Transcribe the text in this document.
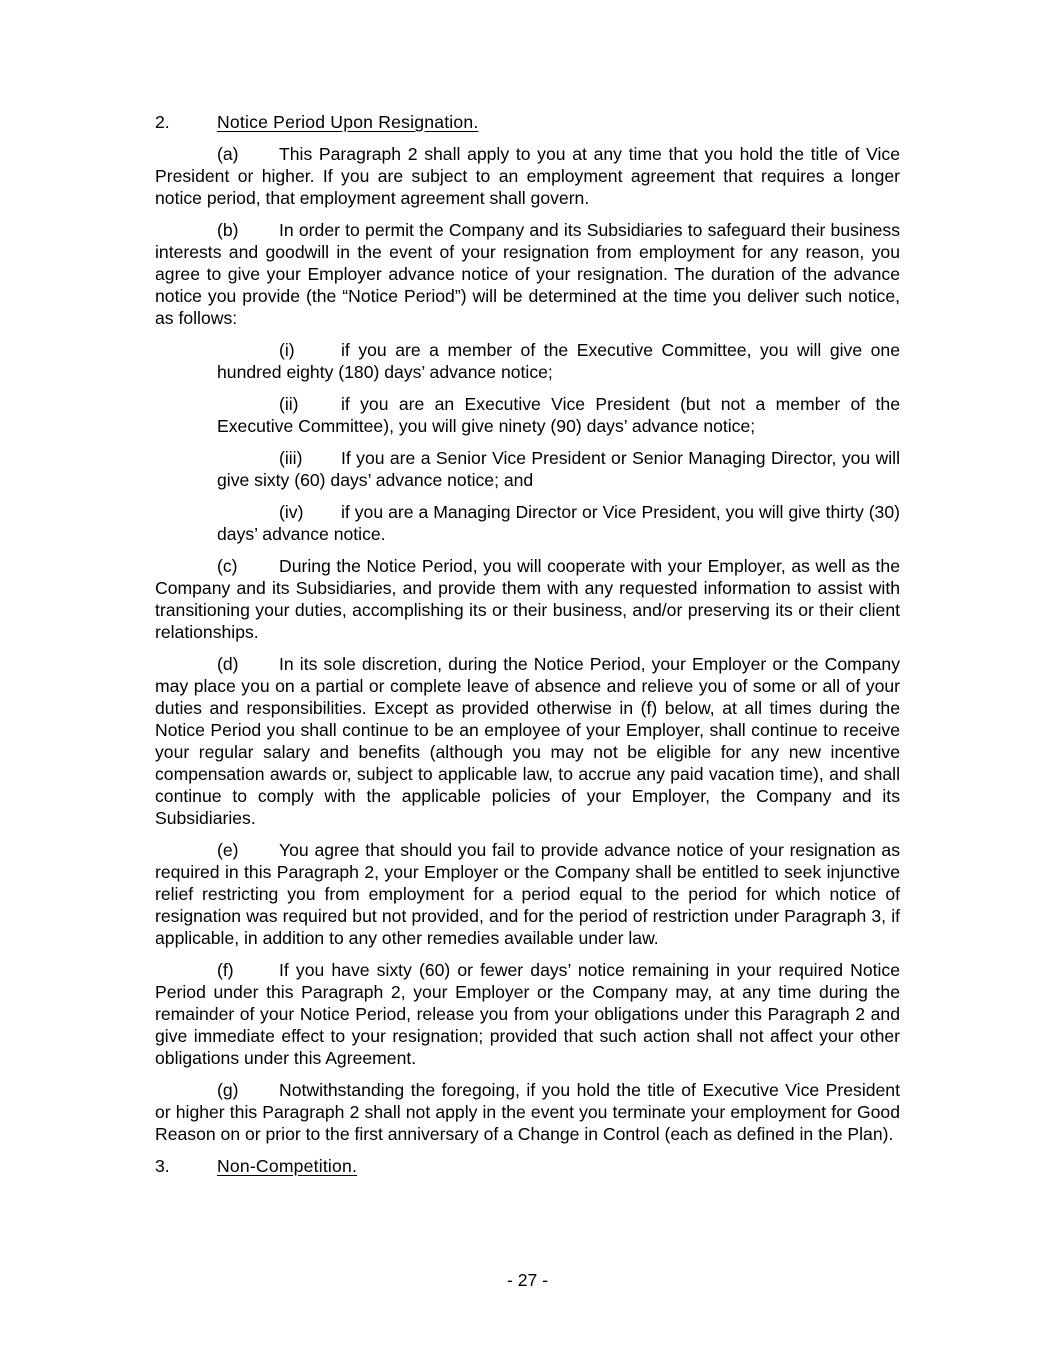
2.	Notice Period Upon Resignation.

(a) This Paragraph 2 shall apply to you at any time that you hold the title of Vice President or higher. If you are subject to an employment agreement that requires a longer notice period, that employment agreement shall govern.

(b) In order to permit the Company and its Subsidiaries to safeguard their business interests and goodwill in the event of your resignation from employment for any reason, you agree to give your Employer advance notice of your resignation. The duration of the advance notice you provide (the “Notice Period”) will be determined at the time you deliver such notice, as follows:

(i)	if you are a member of the Executive Committee, you will give one hundred eighty (180) days’ advance notice;

(ii) if you are an Executive Vice President (but not a member of the Executive Committee), you will give ninety (90) days’ advance notice;

(iii) If you are a Senior Vice President or Senior Managing Director, you will give sixty (60) days’ advance notice; and

(iv) if you are a Managing Director or Vice President, you will give thirty (30) days’ advance notice.

(c) During the Notice Period, you will cooperate with your Employer, as well as the Company and its Subsidiaries, and provide them with any requested information to assist with transitioning your duties, accomplishing its or their business, and/or preserving its or their client relationships.

(d) In its sole discretion, during the Notice Period, your Employer or the Company may place you on a partial or complete leave of absence and relieve you of some or all of your duties and responsibilities. Except as provided otherwise in (f) below, at all times during the Notice Period you shall continue to be an employee of your Employer, shall continue to receive your regular salary and benefits (although you may not be eligible for any new incentive compensation awards or, subject to applicable law, to accrue any paid vacation time), and shall continue to comply with the applicable policies of your Employer, the Company and its Subsidiaries.

(e) You agree that should you fail to provide advance notice of your resignation as required in this Paragraph 2, your Employer or the Company shall be entitled to seek injunctive relief restricting you from employment for a period equal to the period for which notice of resignation was required but not provided, and for the period of restriction under Paragraph 3, if applicable, in addition to any other remedies available under law.

(f)	If you have sixty (60) or fewer days’ notice remaining in your required Notice Period under this Paragraph 2, your Employer or the Company may, at any time during the remainder of your Notice Period, release you from your obligations under this Paragraph 2 and give immediate effect to your resignation; provided that such action shall not affect your other obligations under this Agreement.

(g) Notwithstanding the foregoing, if you hold the title of Executive Vice President or higher this Paragraph 2 shall not apply in the event you terminate your employment for Good Reason on or prior to the first anniversary of a Change in Control (each as defined in the Plan).

3.	Non-Competition.
- 27 -
